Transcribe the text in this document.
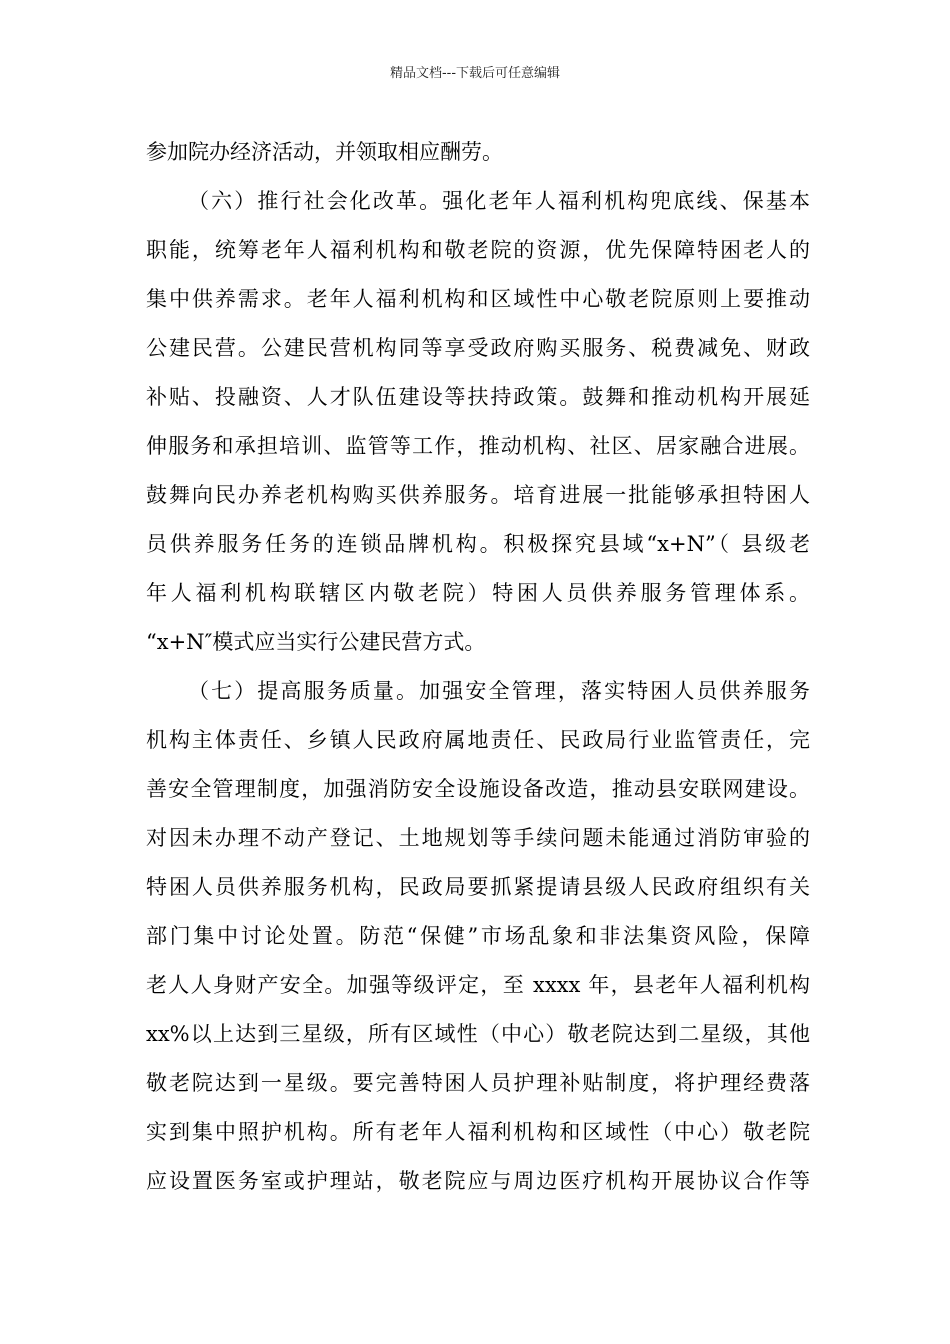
精品文档---下载后可任意编辑
参加院办经济活动，并领取相应酬劳。
（六）推行社会化改革。强化老年人福利机构兜底线、保基本
职能，统筹老年人福利机构和敬老院的资源，优先保障特困老人的
集中供养需求。老年人福利机构和区域性中心敬老院原则上要推动
公建民营。公建民营机构同等享受政府购买服务、税费减免、财政
补贴、投融资、人才队伍建设等扶持政策。鼓舞和推动机构开展延
伸服务和承担培训、监管等工作，推动机构、社区、居家融合进展。
鼓舞向民办养老机构购买供养服务。培育进展一批能够承担特困人
员供养服务任务的连锁品牌机构。积极探究县域“x+N”（ 县级老
年人福利机构联辖区内敬老院）特困人员供养服务管理体系。
“x+N″模式应当实行公建民营方式。
（七）提高服务质量。加强安全管理，落实特困人员供养服务
机构主体责任、乡镇人民政府属地责任、民政局行业监管责任，完
善安全管理制度，加强消防安全设施设备改造，推动县安联网建设。
对因未办理不动产登记、土地规划等手续问题未能通过消防审验的
特困人员供养服务机构，民政局要抓紧提请县级人民政府组织有关
部门集中讨论处置。防范“保健”市场乱象和非法集资风险，保障
老人人身财产安全。加强等级评定，至 xxxx 年，县老年人福利机构
xx%以上达到三星级，所有区域性（中心）敬老院达到二星级，其他
敬老院达到一星级。要完善特困人员护理补贴制度，将护理经费落
实到集中照护机构。所有老年人福利机构和区域性（中心）敬老院
应设置医务室或护理站，敬老院应与周边医疗机构开展协议合作等
